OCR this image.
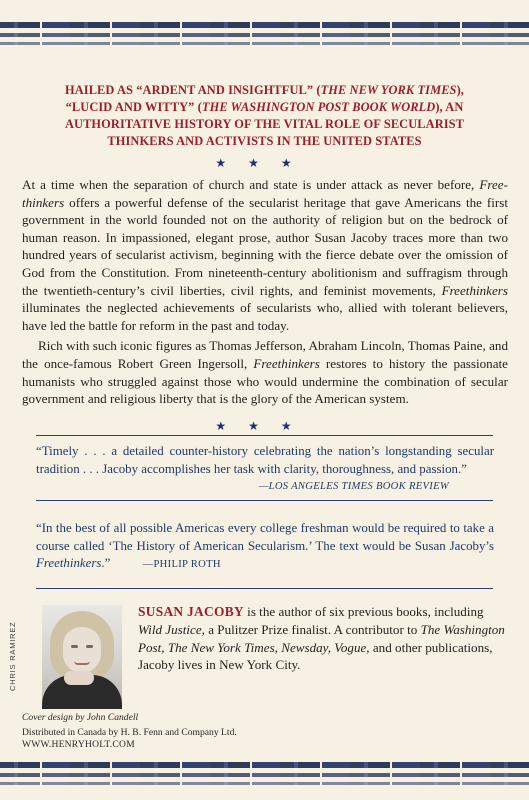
HAILED AS “ARDENT AND INSIGHTFUL” (THE NEW YORK TIMES),
“LUCID AND WITTY” (THE WASHINGTON POST BOOK WORLD), AN
AUTHORITATIVE HISTORY OF THE VITAL ROLE OF SECULARIST
THINKERS AND ACTIVISTS IN THE UNITED STATES
★★★

At a time when the separation of church and state is under attack as never before, Freethinkers offers a powerful defense of the secularist heritage that gave Americans the first government in the world founded not on the authority of religion but on the bedrock of human reason. In impassioned, elegant prose, author Susan Jacoby traces more than two hundred years of secularist activism, beginning with the fierce debate over the omission of God from the Constitution. From nineteenth-century abolitionism and suffragism through the twentieth-century’s civil liberties, civil rights, and feminist movements, Freethinkers illuminates the neglected achievements of secularists who, allied with tolerant believers, have led the battle for reform in the past and today.

Rich with such iconic figures as Thomas Jefferson, Abraham Lincoln, Thomas Paine, and the once-famous Robert Green Ingersoll, Freethinkers restores to history the passionate humanists who struggled against those who would undermine the combination of secular government and religious liberty that is the glory of the American system.

★★★
“Timely . . . a detailed counter-history celebrating the nation’s longstanding secular tradition . . . Jacoby accomplishes her task with clarity, thoroughness, and passion.”
—LOS ANGELES TIMES BOOK REVIEW
“In the best of all possible Americas every college freshman would be required to take a course called ‘The History of American Secularism.’ The text would be Susan Jacoby’s Freethinkers.”	—PHILIP ROTH
CHRIS RAMIREZ
SUSAN JACOBY is the author of six previous books, including Wild Justice, a Pulitzer Prize finalist. A contributor to The Washington Post, The New York Times, Newsday, Vogue, and other publications, Jacoby lives in New York City.
Cover design by John Candell
Distributed in Canada by H. B. Fenn and Company Ltd.
WWW.HENRYHOLT.COM
